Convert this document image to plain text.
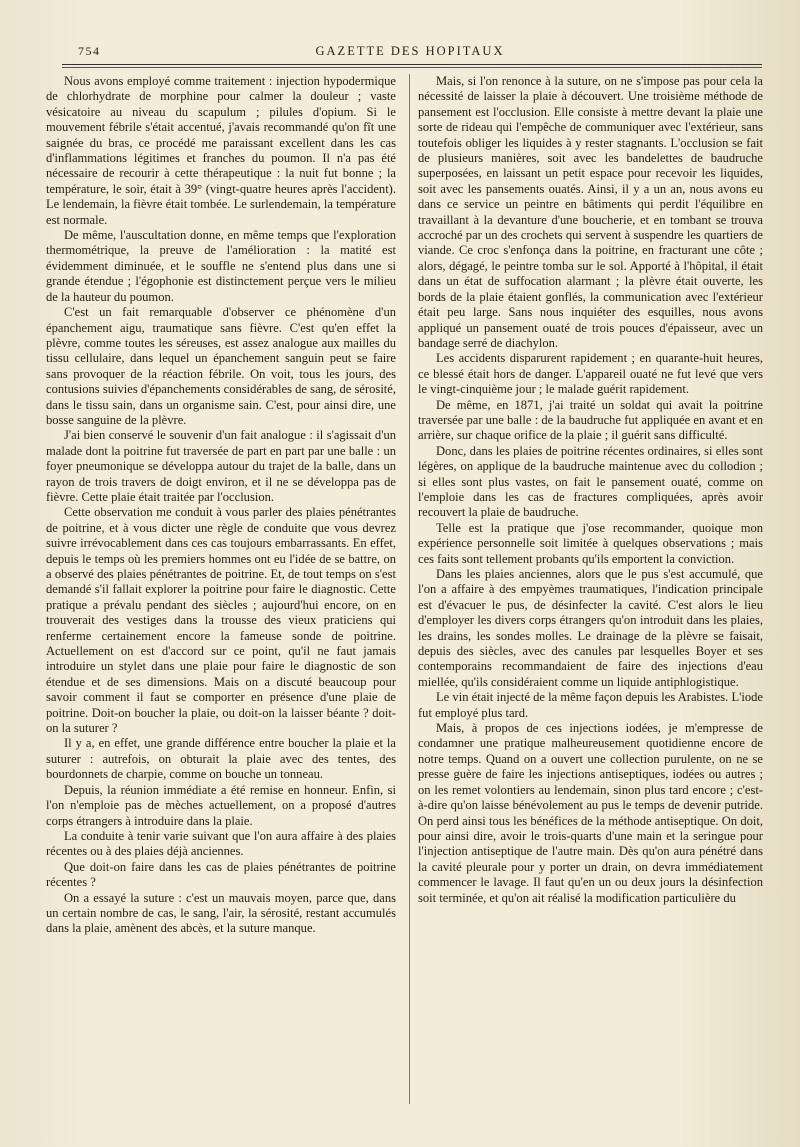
754	GAZETTE DES HOPITAUX

Nous avons employé comme traitement : injection hypodermique de chlorhydrate de morphine pour calmer la douleur ; vaste vésicatoire au niveau du scapulum ; pilules d'opium. Si le mouvement fébrile s'était accentué, j'avais recommandé qu'on fît une saignée du bras, ce procédé me paraissant excellent dans les cas d'inflammations légitimes et franches du poumon. Il n'a pas été nécessaire de recourir à cette thérapeutique : la nuit fut bonne ; la température, le soir, était à 39° (vingt-quatre heures après l'accident). Le lendemain, la fièvre était tombée. Le surlendemain, la température est normale.

De même, l'auscultation donne, en même temps que l'exploration thermométrique, la preuve de l'amélioration : la matité est évidemment diminuée, et le souffle ne s'entend plus dans une si grande étendue ; l'égophonie est distinctement perçue vers le milieu de la hauteur du poumon.

C'est un fait remarquable d'observer ce phénomène d'un épanchement aigu, traumatique sans fièvre. C'est qu'en effet la plèvre, comme toutes les séreuses, est assez analogue aux mailles du tissu cellulaire, dans lequel un épanchement sanguin peut se faire sans provoquer de la réaction fébrile. On voit, tous les jours, des contusions suivies d'épanchements considérables de sang, de sérosité, dans le tissu sain, dans un organisme sain. C'est, pour ainsi dire, une bosse sanguine de la plèvre.

J'ai bien conservé le souvenir d'un fait analogue : il s'agissait d'un malade dont la poitrine fut traversée de part en part par une balle : un foyer pneumonique se développa autour du trajet de la balle, dans un rayon de trois travers de doigt environ, et il ne se développa pas de fièvre. Cette plaie était traitée par l'occlusion.

Cette observation me conduit à vous parler des plaies pénétrantes de poitrine, et à vous dicter une règle de conduite que vous devrez suivre irrévocablement dans ces cas toujours embarrassants. En effet, depuis le temps où les premiers hommes ont eu l'idée de se battre, on a observé des plaies pénétrantes de poitrine. Et, de tout temps on s'est demandé s'il fallait explorer la poitrine pour faire le diagnostic. Cette pratique a prévalu pendant des siècles ; aujourd'hui encore, on en trouverait des vestiges dans la trousse des vieux praticiens qui renferme certainement encore la fameuse sonde de poitrine. Actuellement on est d'accord sur ce point, qu'il ne faut jamais introduire un stylet dans une plaie pour faire le diagnostic de son étendue et de ses dimensions. Mais on a discuté beaucoup pour savoir comment il faut se comporter en présence d'une plaie de poitrine. Doit-on boucher la plaie, ou doit-on la laisser béante ? doit-on la suturer ?

Il y a, en effet, une grande différence entre boucher la plaie et la suturer : autrefois, on obturait la plaie avec des tentes, des bourdonnets de charpie, comme on bouche un tonneau.

Depuis, la réunion immédiate a été remise en honneur. Enfin, si l'on n'emploie pas de mèches actuellement, on a proposé d'autres corps étrangers à introduire dans la plaie.

La conduite à tenir varie suivant que l'on aura affaire à des plaies récentes ou à des plaies déjà anciennes.

Que doit-on faire dans les cas de plaies pénétrantes de poitrine récentes ?

On a essayé la suture : c'est un mauvais moyen, parce que, dans un certain nombre de cas, le sang, l'air, la sérosité, restant accumulés dans la plaie, amènent des abcès, et la suture manque.

Mais, si l'on renonce à la suture, on ne s'impose pas pour cela la nécessité de laisser la plaie à découvert. Une troisième méthode de pansement est l'occlusion. Elle consiste à mettre devant la plaie une sorte de rideau qui l'empêche de communiquer avec l'extérieur, sans toutefois obliger les liquides à y rester stagnants. L'occlusion se fait de plusieurs manières, soit avec les bandelettes de baudruche superposées, en laissant un petit espace pour recevoir les liquides, soit avec les pansements ouatés. Ainsi, il y a un an, nous avons eu dans ce service un peintre en bâtiments qui perdit l'équilibre en travaillant à la devanture d'une boucherie, et en tombant se trouva accroché par un des crochets qui servent à suspendre les quartiers de viande. Ce croc s'enfonça dans la poitrine, en fracturant une côte ; alors, dégagé, le peintre tomba sur le sol. Apporté à l'hôpital, il était dans un état de suffocation alarmant ; la plèvre était ouverte, les bords de la plaie étaient gonflés, la communication avec l'extérieur était peu large. Sans nous inquiéter des esquilles, nous avons appliqué un pansement ouaté de trois pouces d'épaisseur, avec un bandage serré de diachylon.

Les accidents disparurent rapidement ; en quarante-huit heures, ce blessé était hors de danger. L'appareil ouaté ne fut levé que vers le vingt-cinquième jour ; le malade guérit rapidement.

De même, en 1871, j'ai traité un soldat qui avait la poitrine traversée par une balle : de la baudruche fut appliquée en avant et en arrière, sur chaque orifice de la plaie ; il guérit sans difficulté.

Donc, dans les plaies de poitrine récentes ordinaires, si elles sont légères, on applique de la baudruche maintenue avec du collodion ; si elles sont plus vastes, on fait le pansement ouaté, comme on l'emploie dans les cas de fractures compliquées, après avoir recouvert la plaie de baudruche.

Telle est la pratique que j'ose recommander, quoique mon expérience personnelle soit limitée à quelques observations ; mais ces faits sont tellement probants qu'ils emportent la conviction.

Dans les plaies anciennes, alors que le pus s'est accumulé, que l'on a affaire à des empyèmes traumatiques, l'indication principale est d'évacuer le pus, de désinfecter la cavité. C'est alors le lieu d'employer les divers corps étrangers qu'on introduit dans les plaies, les drains, les sondes molles. Le drainage de la plèvre se faisait, depuis des siècles, avec des canules par lesquelles Boyer et ses contemporains recommandaient de faire des injections d'eau miellée, qu'ils considéraient comme un liquide antiphlogistique.

Le vin était injecté de la même façon depuis les Arabistes. L'iode fut employé plus tard.

Mais, à propos de ces injections iodées, je m'empresse de condamner une pratique malheureusement quotidienne encore de notre temps. Quand on a ouvert une collection purulente, on ne se presse guère de faire les injections antiseptiques, iodées ou autres ; on les remet volontiers au lendemain, sinon plus tard encore ; c'est-à-dire qu'on laisse bénévolement au pus le temps de devenir putride. On perd ainsi tous les bénéfices de la méthode antiseptique. On doit, pour ainsi dire, avoir le trois-quarts d'une main et la seringue pour l'injection antiseptique de l'autre main. Dès qu'on aura pénétré dans la cavité pleurale pour y porter un drain, on devra immédiatement commencer le lavage. Il faut qu'en un ou deux jours la désinfection soit terminée, et qu'on ait réalisé la modification particulière du
